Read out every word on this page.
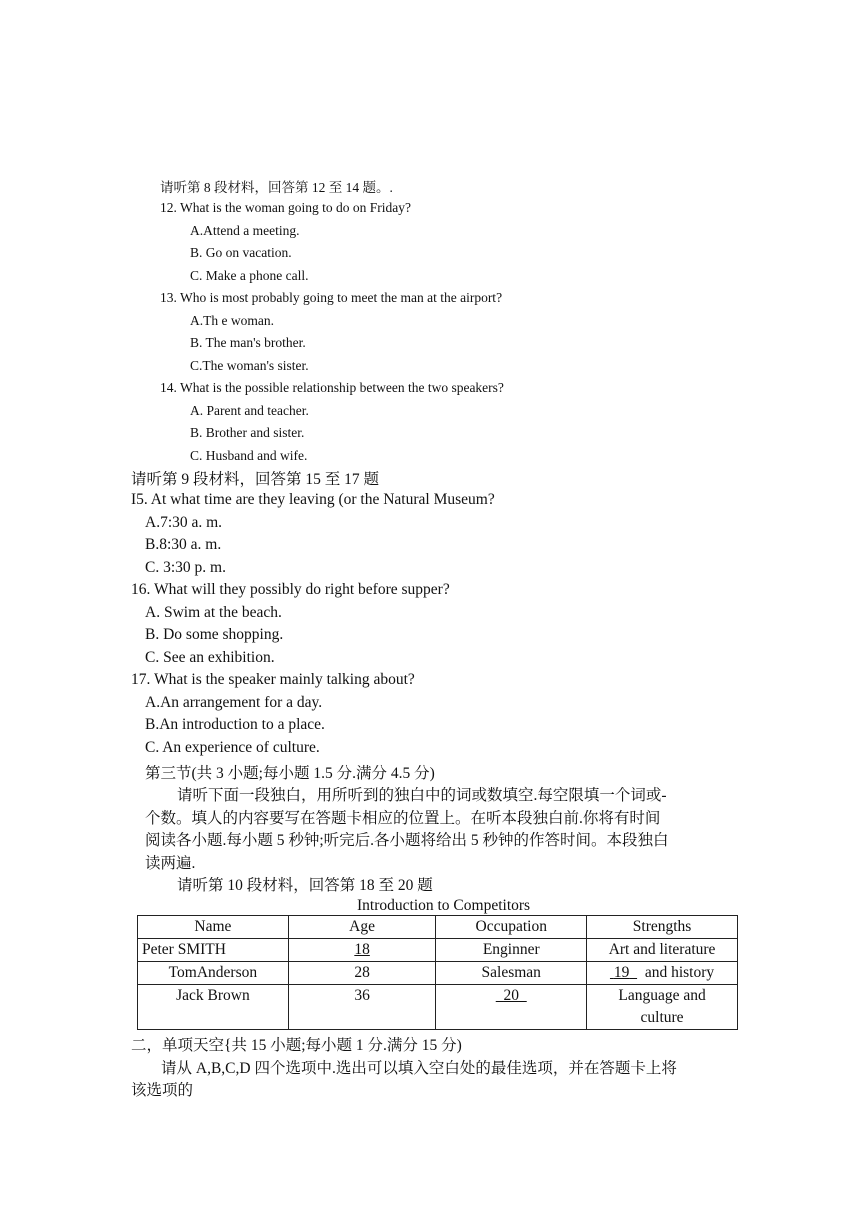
请听第 8 段材料，回答第 12 至 14 题。.
12. What is the woman going to do on Friday?
A.Attend a meeting.
B. Go on vacation.
C. Make a phone call.
13. Who is most probably going to meet the man at the airport?
A.Th e woman.
B. The man's brother.
C.The woman's sister.
14. What is the possible relationship between the two speakers?
A. Parent and teacher.
B. Brother and sister.
C. Husband and wife.
请听第 9 段材料，回答第 15 至 17 题
I5. At what time are they leaving (or the Natural Museum?
A.7:30 a. m.
B.8:30 a. m.
C. 3:30 p. m.
16. What will they possibly do right before supper?
A. Swim at the beach.
B. Do some shopping.
C. See an exhibition.
17. What is the speaker mainly talking about?
A.An arrangement for a day.
B.An introduction to a place.
C. An experience of culture.
第三节(共 3 小题;每小题 1.5 分.满分 4.5 分)
请听下面一段独白，用所听到的独白中的词或数填空.每空限填一个词或-
个数。填人的内容要写在答题卡相应的位置上。在听本段独白前.你将有时间
阅读各小题.每小题 5 秒钟;听完后.各小题将给出 5 秒钟的作答时间。本段独白
读两遍.
请听第 10 段材料，回答第 18 至 20 题
Introduction to Competitors
Name	Age	Occupation	Strengths
Peter SMITH	18	Enginner	Art and literature
TomAnderson	28	Salesman	19 and history
Jack Brown	36	20	Language and culture
二，单项天空{共 15 小题;每小题 1 分.满分 15 分)
请从 A,B,C,D 四个选项中.选出可以填入空白处的最佳选项，并在答题卡上将
该选项的
